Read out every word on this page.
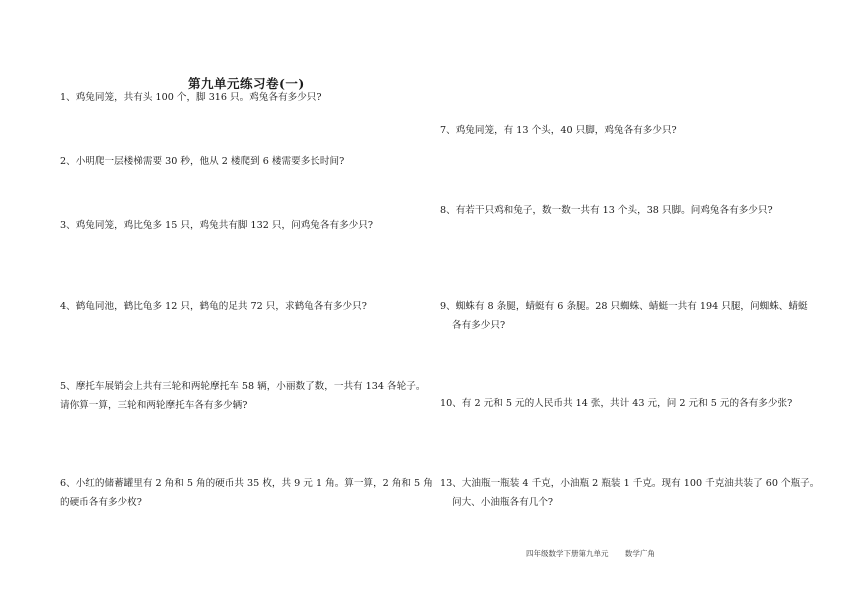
第九单元练习卷(一)
1、鸡兔同笼，共有头 100 个，脚 316 只。鸡兔各有多少只?
2、小明爬一层楼梯需要 30 秒，他从 2 楼爬到 6 楼需要多长时间?
3、鸡兔同笼，鸡比兔多 15 只，鸡兔共有脚 132 只，问鸡兔各有多少只?
4、鹤龟同池，鹤比龟多 12 只，鹤龟的足共 72 只，求鹤龟各有多少只?
5、摩托车展销会上共有三轮和两轮摩托车 58 辆，小丽数了数，一共有 134 各轮子。
请你算一算，三轮和两轮摩托车各有多少辆?
6、小红的储蓄罐里有 2 角和 5 角的硬币共 35 枚，共 9 元 1 角。算一算，2 角和 5 角
的硬币各有多少枚?
7、鸡兔同笼，有 13 个头，40 只脚，鸡兔各有多少只?
8、有若干只鸡和兔子，数一数一共有 13 个头，38 只脚。问鸡兔各有多少只?
9、蜘蛛有 8 条腿，蜻蜓有 6 条腿。28 只蜘蛛、蜻蜓一共有 194 只腿，问蜘蛛、蜻蜓
各有多少只?
10、有 2 元和 5 元的人民币共 14 张，共计 43 元，问 2 元和 5 元的各有多少张?
13、大油瓶一瓶装 4 千克，小油瓶 2 瓶装 1 千克。现有 100 千克油共装了 60 个瓶子。
问大、小油瓶各有几个?
四年级数学下册第九单元 数学广角
